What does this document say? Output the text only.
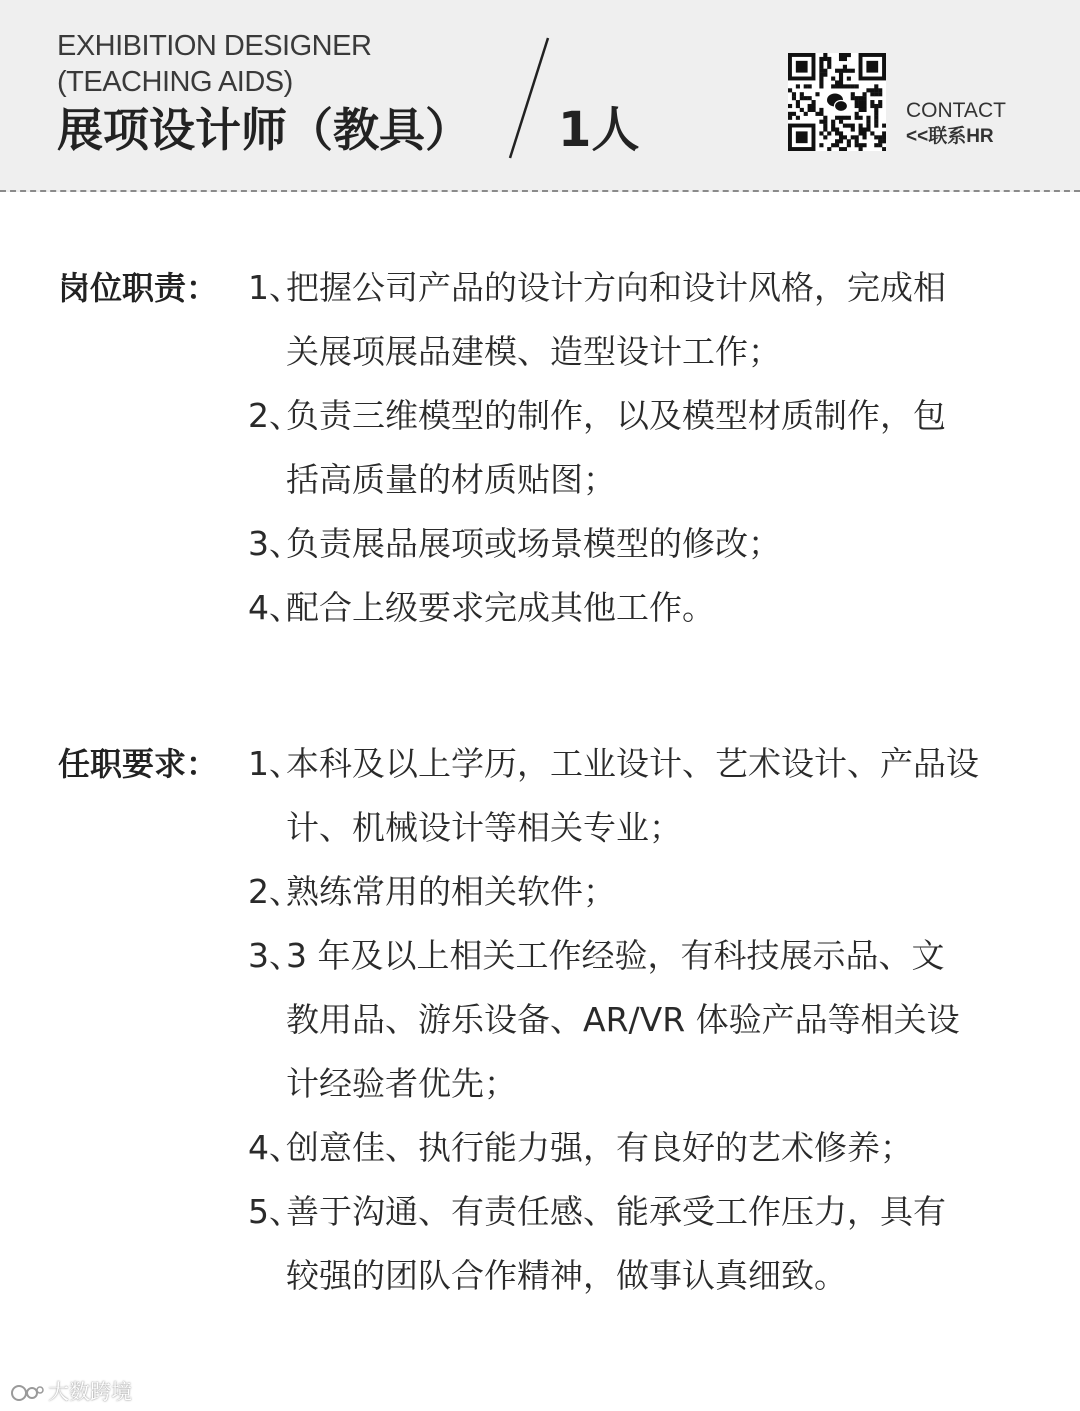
EXHIBITION DESIGNER
(TEACHING AIDS)
展项设计师（教具） 1人	CONTACT
<<联系HR
岗位职责： 1、
把握公司产品的设计方向和设计风格，完成相
关展项展品建模、造型设计工作；
2、
负责三维模型的制作，以及模型材质制作，包
括高质量的材质贴图；
3、
负责展品展项或场景模型的修改；
4、
配合上级要求完成其他工作。
任职要求： 1、
本科及以上学历，工业设计、艺术设计、产品设
计、机械设计等相关专业；
2、
熟练常用的相关软件；
3、
3 年及以上相关工作经验，有科技展示品、文
教用品、游乐设备、AR/VR 体验产品等相关设
计经验者优先；
4、
创意佳、执行能力强，有良好的艺术修养；
5、
善于沟通、有责任感、能承受工作压力，具有
较强的团队合作精神，做事认真细致。
大数跨境
